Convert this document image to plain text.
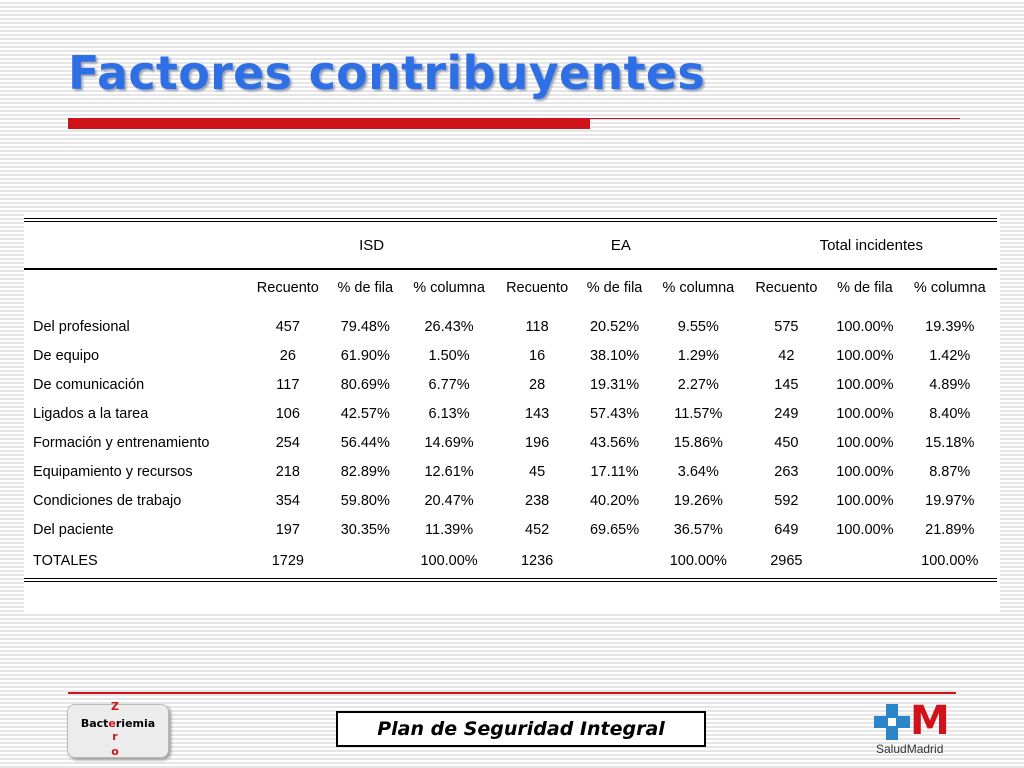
Factores contribuyentes
	ISD			EA			Total incidentes		
	Recuento	% de fila	% columna	Recuento	% de fila	% columna	Recuento	% de fila	% columna
Del profesional	457	79.48%	26.43%	118	20.52%	9.55%	575	100.00%	19.39%
De equipo	26	61.90%	1.50%	16	38.10%	1.29%	42	100.00%	1.42%
De comunicación	117	80.69%	6.77%	28	19.31%	2.27%	145	100.00%	4.89%
Ligados a la tarea	106	42.57%	6.13%	143	57.43%	11.57%	249	100.00%	8.40%
Formación y entrenamiento	254	56.44%	14.69%	196	43.56%	15.86%	450	100.00%	15.18%
Equipamiento y recursos	218	82.89%	12.61%	45	17.11%	3.64%	263	100.00%	8.87%
Condiciones de trabajo	354	59.80%	20.47%	238	40.20%	19.26%	592	100.00%	19.97%
Del paciente	197	30.35%	11.39%	452	69.65%	36.57%	649	100.00%	21.89%
TOTALES	1729		100.00%	1236		100.00%	2965		100.00%
Bacteriemia
Z
r
o
Plan de Seguridad Integral	M
SaludMadrid
